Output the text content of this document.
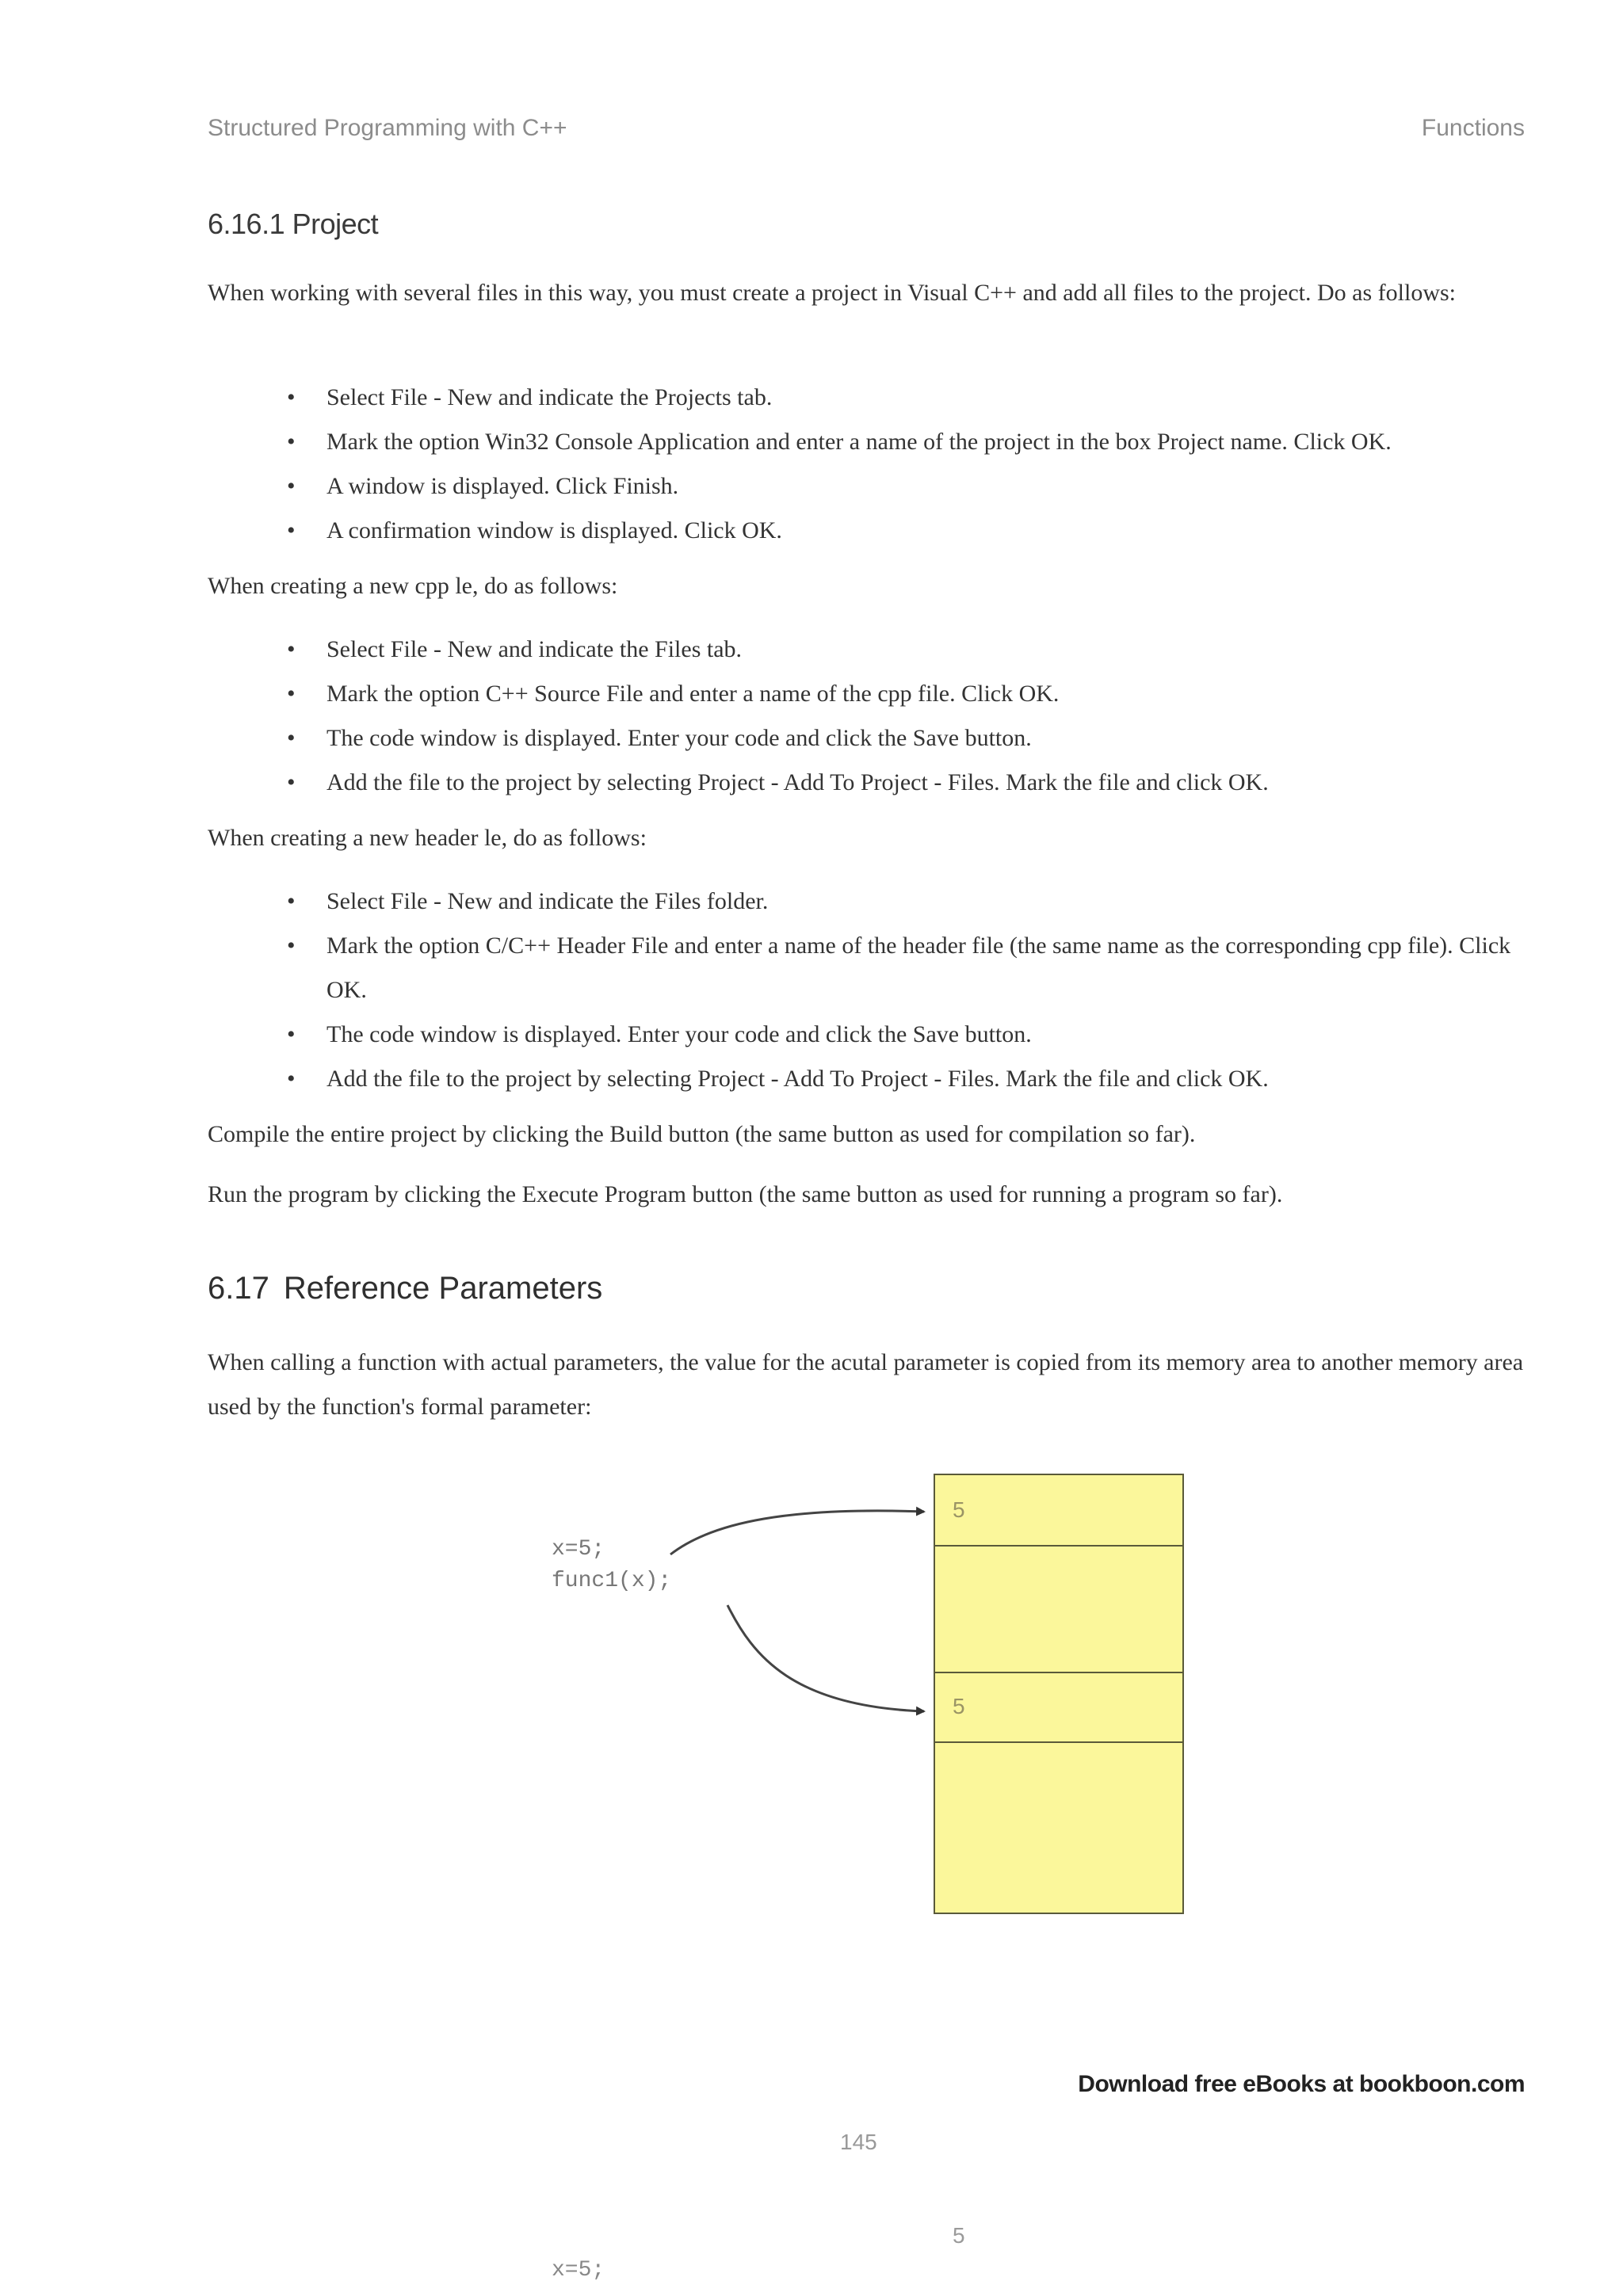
Structured Programming with C++	Functions
6.16.1 Project
When working with several files in this way, you must create a project in Visual C++ and add all files to the project. Do as follows:
• Select File - New and indicate the Projects tab.
• Mark the option Win32 Console Application and enter a name of the project in the box Project name. Click OK.
• A window is displayed. Click Finish.
• A confirmation window is displayed. Click OK.
When creating a new cpp le, do as follows:
• Select File - New and indicate the Files tab.
• Mark the option C++ Source File and enter a name of the cpp file. Click OK.
• The code window is displayed. Enter your code and click the Save button.
• Add the file to the project by selecting Project - Add To Project - Files. Mark the file and click OK.
When creating a new header le, do as follows:
• Select File - New and indicate the Files folder.
• Mark the option C/C++ Header File and enter a name of the header file (the same name as the corresponding cpp file). Click OK.
• The code window is displayed. Enter your code and click the Save button.
• Add the file to the project by selecting Project - Add To Project - Files. Mark the file and click OK.
Compile the entire project by clicking the Build button (the same button as used for compilation so far).
Run the program by clicking the Execute Program button (the same button as used for running a program so far).
6.17 Reference Parameters
When calling a function with actual parameters, the value for the acutal parameter is copied from its memory area to another memory area used by the function's formal parameter:
x=5;
func1(x);
5
5
Download free eBooks at bookboon.com
145
5
x=5;
